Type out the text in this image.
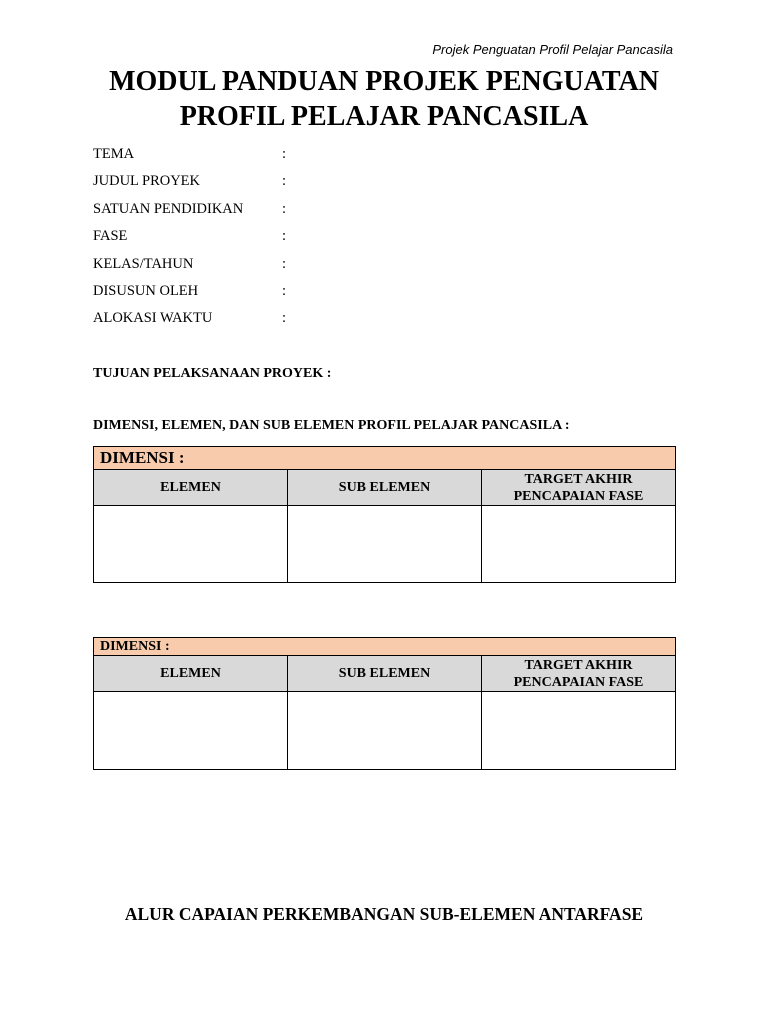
Projek Penguatan Profil Pelajar Pancasila
MODUL PANDUAN PROJEK PENGUATAN
PROFIL PELAJAR PANCASILA
TEMA	:
JUDUL PROYEK	:
SATUAN PENDIDIKAN	:
FASE	:
KELAS/TAHUN	:
DISUSUN OLEH	:
ALOKASI WAKTU	:
TUJUAN PELAKSANAAN PROYEK :
DIMENSI, ELEMEN, DAN SUB ELEMEN PROFIL PELAJAR PANCASILA :
DIMENSI :		
ELEMEN	SUB ELEMEN	TARGET AKHIR
PENCAPAIAN FASE

DIMENSI :		
ELEMEN	SUB ELEMEN	TARGET AKHIR
PENCAPAIAN FASE

ALUR CAPAIAN PERKEMBANGAN SUB-ELEMEN ANTARFASE
